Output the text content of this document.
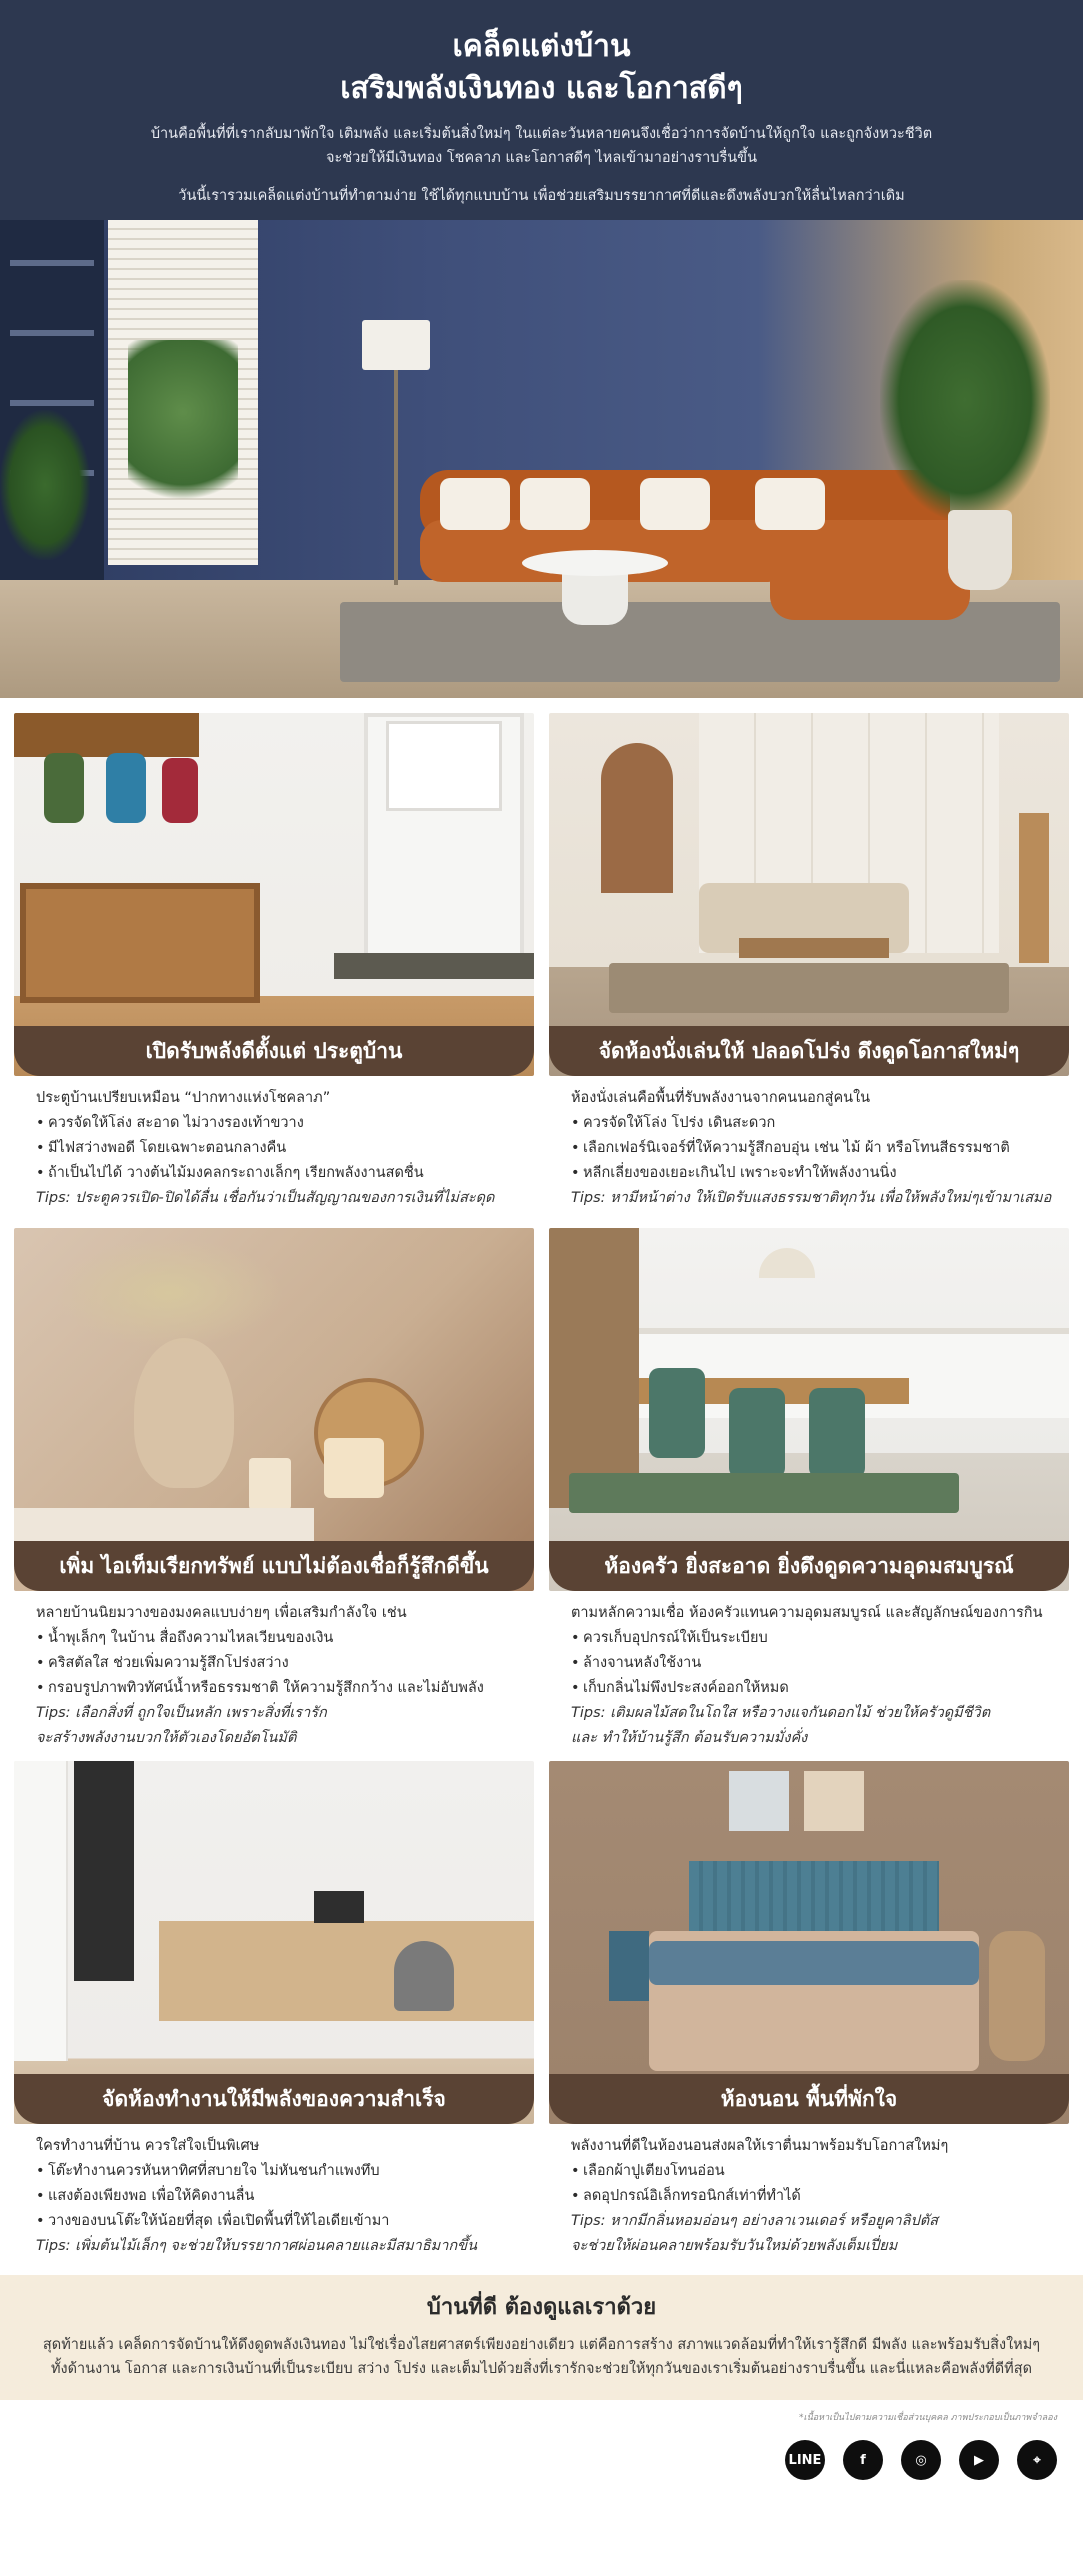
เคล็ดแต่งบ้าน
เสริมพลังเงินทอง และโอกาสดีๆ
บ้านคือพื้นที่ที่เรากลับมาพักใจ เติมพลัง และเริ่มต้นสิ่งใหม่ๆ ในแต่ละวันหลายคนจึงเชื่อว่าการจัดบ้านให้ถูกใจ และถูกจังหวะชีวิต
จะช่วยให้มีเงินทอง โชคลาภ และโอกาสดีๆ ไหลเข้ามาอย่างราบรื่นขึ้น
วันนี้เรารวมเคล็ดแต่งบ้านที่ทำตามง่าย ใช้ได้ทุกแบบบ้าน เพื่อช่วยเสริมบรรยากาศที่ดีและดึงพลังบวกให้ลื่นไหลกว่าเดิม
เปิดรับพลังดีตั้งแต่ ประตูบ้าน
ประตูบ้านเปรียบเหมือน “ปากทางแห่งโชคลาภ”
• ควรจัดให้โล่ง สะอาด ไม่วางรองเท้าขวาง
• มีไฟสว่างพอดี โดยเฉพาะตอนกลางคืน
• ถ้าเป็นไปได้ วางต้นไม้มงคลกระถางเล็กๆ เรียกพลังงานสดชื่น
Tips: ประตูควรเปิด-ปิดได้ลื่น เชื่อกันว่าเป็นสัญญาณของการเงินที่ไม่สะดุด
จัดห้องนั่งเล่นให้ ปลอดโปร่ง ดึงดูดโอกาสใหม่ๆ
ห้องนั่งเล่นคือพื้นที่รับพลังงานจากคนนอกสู่คนใน
• ควรจัดให้โล่ง โปร่ง เดินสะดวก
• เลือกเฟอร์นิเจอร์ที่ให้ความรู้สึกอบอุ่น เช่น ไม้ ผ้า หรือโทนสีธรรมชาติ
• หลีกเลี่ยงของเยอะเกินไป เพราะจะทำให้พลังงานนิ่ง
Tips: หามีหน้าต่าง ให้เปิดรับแสงธรรมชาติทุกวัน เพื่อให้พลังใหม่ๆเข้ามาเสมอ
เพิ่ม ไอเท็มเรียกทรัพย์ แบบไม่ต้องเชื่อก็รู้สึกดีขึ้น
หลายบ้านนิยมวางของมงคลแบบง่ายๆ เพื่อเสริมกำลังใจ เช่น
• น้ำพุเล็กๆ ในบ้าน สื่อถึงความไหลเวียนของเงิน
• คริสตัลใส ช่วยเพิ่มความรู้สึกโปร่งสว่าง
• กรอบรูปภาพทิวทัศน์น้ำหรือธรรมชาติ ให้ความรู้สึกกว้าง และไม่อับพลัง
Tips: เลือกสิ่งที่ ถูกใจเป็นหลัก เพราะสิ่งที่เรารัก
จะสร้างพลังงานบวกให้ตัวเองโดยอัตโนมัติ
ห้องครัว ยิ่งสะอาด ยิ่งดึงดูดความอุดมสมบูรณ์
ตามหลักความเชื่อ ห้องครัวแทนความอุดมสมบูรณ์ และสัญลักษณ์ของการกิน
• ควรเก็บอุปกรณ์ให้เป็นระเบียบ
• ล้างจานหลังใช้งาน
• เก็บกลิ่นไม่พึงประสงค์ออกให้หมด
Tips: เติมผลไม้สดในโถใส หรือวางแจกันดอกไม้ ช่วยให้ครัวดูมีชีวิต
และ ทำให้บ้านรู้สึก ต้อนรับความมั่งคั่ง
จัดห้องทำงานให้มีพลังของความสำเร็จ
ใครทำงานที่บ้าน ควรใส่ใจเป็นพิเศษ
• โต๊ะทำงานควรหันหาทิศที่สบายใจ ไม่หันชนกำแพงทึบ
• แสงต้องเพียงพอ เพื่อให้คิดงานลื่น
• วางของบนโต๊ะให้น้อยที่สุด เพื่อเปิดพื้นที่ให้ไอเดียเข้ามา
Tips: เพิ่มต้นไม้เล็กๆ จะช่วยให้บรรยากาศผ่อนคลายและมีสมาธิมากขึ้น
ห้องนอน พื้นที่พักใจ
พลังงานที่ดีในห้องนอนส่งผลให้เราตื่นมาพร้อมรับโอกาสใหม่ๆ
• เลือกผ้าปูเตียงโทนอ่อน
• ลดอุปกรณ์อิเล็กทรอนิกส์เท่าที่ทำได้
Tips: หากมีกลิ่นหอมอ่อนๆ อย่างลาเวนเดอร์ หรือยูคาลิปตัส
จะช่วยให้ผ่อนคลายพร้อมรับวันใหม่ด้วยพลังเต็มเปี่ยม
บ้านที่ดี ต้องดูแลเราด้วย

สุดท้ายแล้ว เคล็ดการจัดบ้านให้ดึงดูดพลังเงินทอง ไม่ใช่เรื่องไสยศาสตร์เพียงอย่างเดียว แต่คือการสร้าง สภาพแวดล้อมที่ทำให้เรารู้สึกดี มีพลัง และพร้อมรับสิ่งใหม่ๆ
ทั้งด้านงาน โอกาส และการเงินบ้านที่เป็นระเบียบ สว่าง โปร่ง และเต็มไปด้วยสิ่งที่เรารักจะช่วยให้ทุกวันของเราเริ่มต้นอย่างราบรื่นขึ้น และนี่แหละคือพลังที่ดีที่สุด

*เนื้อหาเป็นไปตามความเชื่อส่วนบุคคล ภาพประกอบเป็นภาพจำลอง
LINE	f	◎	▶	⌖
